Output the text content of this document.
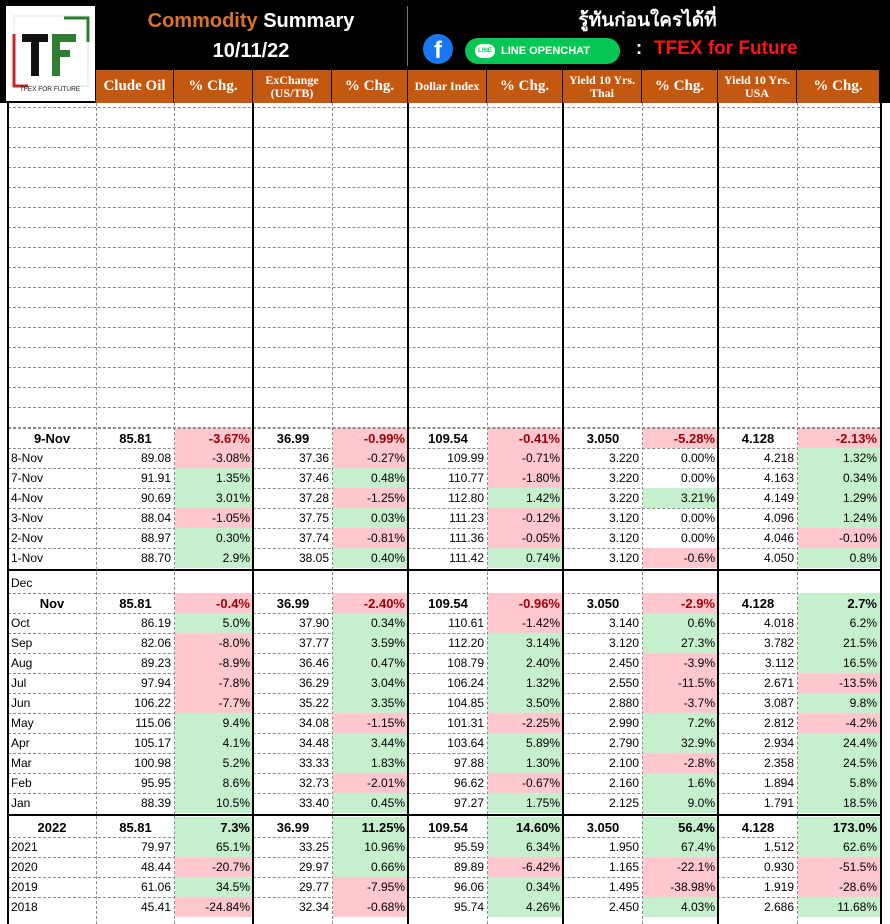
TFEX FOR FUTURE
Commodity Summary
10/11/22
รู้ทันก่อนใครได้ที่
f	LINE LINE OPENCHAT	: TFEX for Future
Clude Oil	% Chg.	ExChange (US/TB)	% Chg.	Dollar Index	% Chg.	Yield 10 Yrs. Thai	% Chg.	Yield 10 Yrs. USA	% Chg.
9-Nov	85.81	-3.67%	36.99	-0.99%	109.54	-0.41%	3.050	-5.28%	4.128	-2.13%
8-Nov	89.08	-3.08%	37.36	-0.27%	109.99	-0.71%	3.220	0.00%	4.218	1.32%
7-Nov	91.91	1.35%	37.46	0.48%	110.77	-1.80%	3.220	0.00%	4.163	0.34%
4-Nov	90.69	3.01%	37.28	-1.25%	112.80	1.42%	3.220	3.21%	4.149	1.29%
3-Nov	88.04	-1.05%	37.75	0.03%	111.23	-0.12%	3.120	0.00%	4.096	1.24%
2-Nov	88.97	0.30%	37.74	-0.81%	111.36	-0.05%	3.120	0.00%	4.046	-0.10%
1-Nov	88.70	2.9%	38.05	0.40%	111.42	0.74%	3.120	-0.6%	4.050	0.8%
Dec
Nov	85.81	-0.4%	36.99	-2.40%	109.54	-0.96%	3.050	-2.9%	4.128	2.7%
Oct	86.19	5.0%	37.90	0.34%	110.61	-1.42%	3.140	0.6%	4.018	6.2%
Sep	82.06	-8.0%	37.77	3.59%	112.20	3.14%	3.120	27.3%	3.782	21.5%
Aug	89.23	-8.9%	36.46	0.47%	108.79	2.40%	2.450	-3.9%	3.112	16.5%
Jul	97.94	-7.8%	36.29	3.04%	106.24	1.32%	2.550	-11.5%	2.671	-13.5%
Jun	106.22	-7.7%	35.22	3.35%	104.85	3.50%	2.880	-3.7%	3.087	9.8%
May	115.06	9.4%	34.08	-1.15%	101.31	-2.25%	2.990	7.2%	2.812	-4.2%
Apr	105.17	4.1%	34.48	3.44%	103.64	5.89%	2.790	32.9%	2.934	24.4%
Mar	100.98	5.2%	33.33	1.83%	97.88	1.30%	2.100	-2.8%	2.358	24.5%
Feb	95.95	8.6%	32.73	-2.01%	96.62	-0.67%	2.160	1.6%	1.894	5.8%
Jan	88.39	10.5%	33.40	0.45%	97.27	1.75%	2.125	9.0%	1.791	18.5%
2022	85.81	7.3%	36.99	11.25%	109.54	14.60%	3.050	56.4%	4.128	173.0%
2021	79.97	65.1%	33.25	10.96%	95.59	6.34%	1.950	67.4%	1.512	62.6%
2020	48.44	-20.7%	29.97	0.66%	89.89	-6.42%	1.165	-22.1%	0.930	-51.5%
2019	61.06	34.5%	29.77	-7.95%	96.06	0.34%	1.495	-38.98%	1.919	-28.6%
2018	45.41	-24.84%	32.34	-0.68%	95.74	4.26%	2.450	4.03%	2.686	11.68%
